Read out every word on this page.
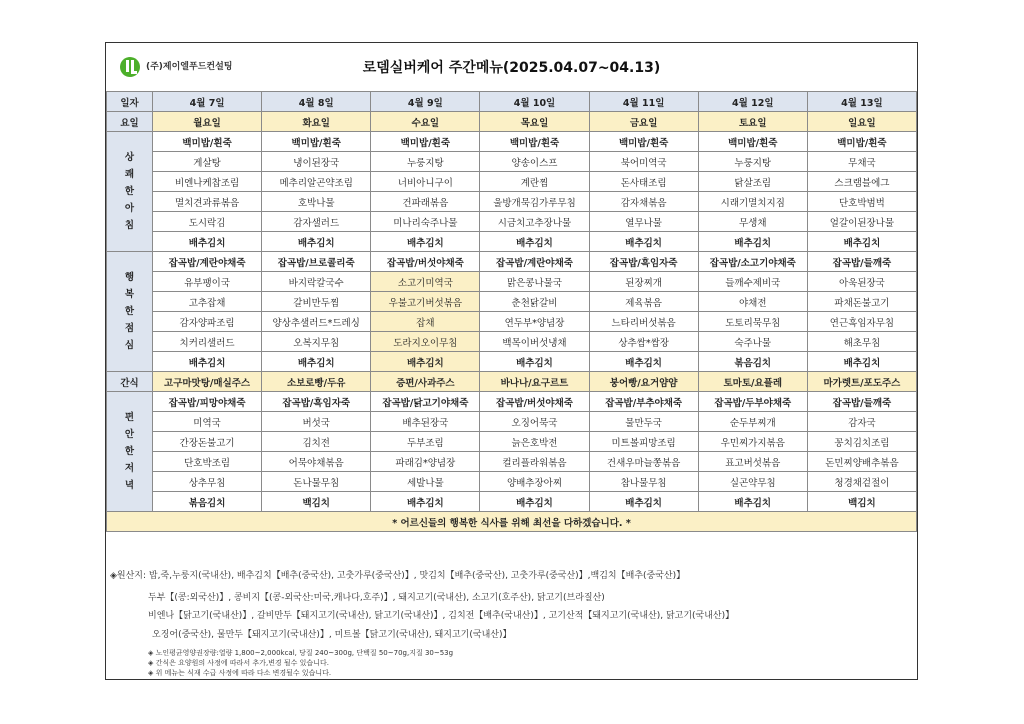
(주)제이엘푸드컨설팅	로뎀실버케어 주간메뉴(2025.04.07~04.13)
일자	4월 7일	4월 8일	4월 9일	4월 10일	4월 11일	4월 12일	4월 13일
요일	월요일	화요일	수요일	목요일	금요일	토요일	일요일

상
쾌
한
아
침	백미밥/흰죽	백미밥/흰죽	백미밥/흰죽	백미밥/흰죽	백미밥/흰죽	백미밥/흰죽	백미밥/흰죽
	게살탕	냉이된장국	누룽지탕	양송이스프	북어미역국	누룽지탕	무채국
	비엔나케찹조림	메추리알곤약조림	너비아니구이	계란찜	돈사태조림	닭살조림	스크램블에그
	멸치견과류볶음	호박나물	건파래볶음	울방개묵김가루무침	감자채볶음	시래기멸치지짐	단호박범벅
	도시락김	감자샐러드	미나리숙주나물	시금치고추장나물	열무나물	무생채	얼갈이된장나물
	배추김치	배추김치	배추김치	배추김치	배추김치	배추김치	배추김치

행
복
한
점
심	잡곡밥/계란야채죽	잡곡밥/브로콜리죽	잡곡밥/버섯야채죽	잡곡밥/계란야채죽	잡곡밥/흑임자죽	잡곡밥/소고기야채죽	잡곡밥/들깨죽
	유부팽이국	바지락칼국수	소고기미역국	맑은콩나물국	된장찌개	들깨수제비국	아욱된장국
	고추잡채	갈비만두찜	우불고기버섯볶음	춘천닭갈비	제육볶음	야채전	파채돈불고기
	감자양파조림	양상추샐러드*드레싱	잡채	연두부*양념장	느타리버섯볶음	도토리묵무침	연근흑임자무침
	치커리샐러드	오복지무침	도라지오이무침	백목이버섯냉채	상추쌈*쌈장	숙주나물	해초무침
	배추김치	배추김치	배추김치	배추김치	배추김치	볶음김치	배추김치
간식	고구마맛탕/매실주스	소보로빵/두유	증편/사과주스	바나나/요구르트	붕어빵/요거얌얌	토마토/요플레	마가렛트/포도주스

편
안
한
저
녁	잡곡밥/피망야채죽	잡곡밥/흑임자죽	잡곡밥/닭고기야채죽	잡곡밥/버섯야채죽	잡곡밥/부추야채죽	잡곡밥/두부야채죽	잡곡밥/들깨죽
	미역국	버섯국	배추된장국	오징어묵국	물만두국	순두부찌개	감자국
	간장돈불고기	김치전	두부조림	늙은호박전	미트볼피망조림	우민찌가지볶음	꽁치김치조림
	단호박조림	어묵야채볶음	파래김*양념장	컬리플라워볶음	건새우마늘쫑볶음	표고버섯볶음	돈민찌양배추볶음
	상추무침	돈나물무침	세발나물	양배추장아찌	참나물무침	실곤약무침	청경채겉절이
	볶음김치	백김치	배추김치	배추김치	배추김치	배추김치	백김치
* 어르신들의 행복한 식사를 위해 최선을 다하겠습니다. *							
◈원산지: 밥,죽,누룽지(국내산), 배추김치【배추(중국산), 고춧가루(중국산)】, 맛김치【배추(중국산), 고춧가루(중국산)】,백김치【배추(중국산)】
두부【(콩:외국산)】, 콩비지【(콩-외국산:미국,캐나다,호주)】, 돼지고기(국내산), 소고기(호주산), 닭고기(브라질산)
비엔나【닭고기(국내산)】, 갈비만두【돼지고기(국내산), 닭고기(국내산)】, 김치전【배추(국내산)】, 고기산적【돼지고기(국내산), 닭고기(국내산)】
오징어(중국산), 물만두【돼지고기(국내산)】, 미트볼【닭고기(국내산), 돼지고기(국내산)】
◈ 노인평균영양권장량:열량 1,800~2,000kcal, 당질 240~300g, 단백질 50~70g,지질 30~53g
◈ 간식은 요양원의 사정에 따라서 추가,변경 될수 있습니다.
◈ 위 메뉴는 식재 수급 사정에 따라 다소 변경될수 있습니다.
